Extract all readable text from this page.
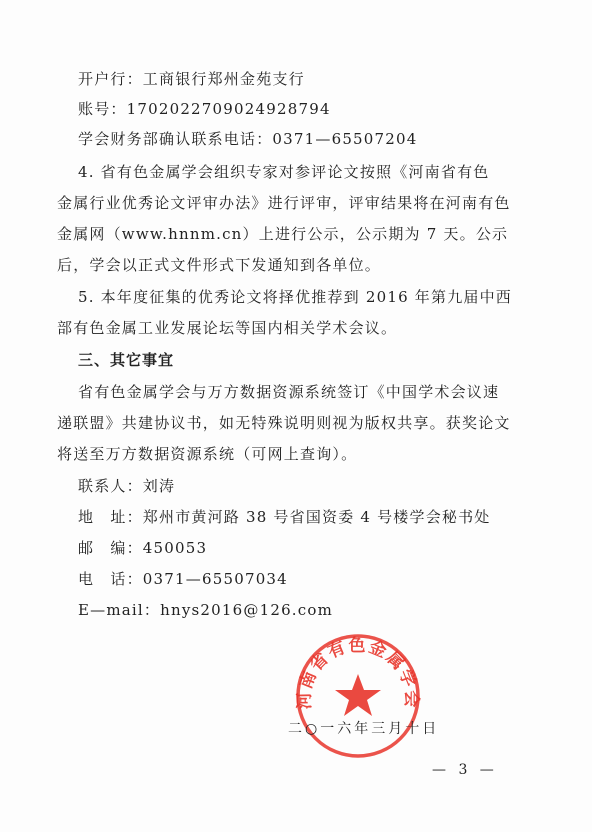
开户行：工商银行郑州金苑支行
账号：1702022709024928794
学会财务部确认联系电话：0371—65507204
4. 省有色金属学会组织专家对参评论文按照《河南省有色
金属行业优秀论文评审办法》进行评审，评审结果将在河南有色
金属网（www.hnnm.cn）上进行公示，公示期为 7 天。公示
后，学会以正式文件形式下发通知到各单位。
5. 本年度征集的优秀论文将择优推荐到 2016 年第九届中西
部有色金属工业发展论坛等国内相关学术会议。
三、其它事宜
省有色金属学会与万方数据资源系统签订《中国学术会议速
递联盟》共建协议书，如无特殊说明则视为版权共享。获奖论文
将送至万方数据资源系统（可网上查询）。
联系人：刘涛
地　址：郑州市黄河路 38 号省国资委 4 号楼学会秘书处
邮　编：450053
电　话：0371—65507034
E—mail：hnys2016@126.com
河南省有色金属学会
二○一六年三月十日
— 3 —
